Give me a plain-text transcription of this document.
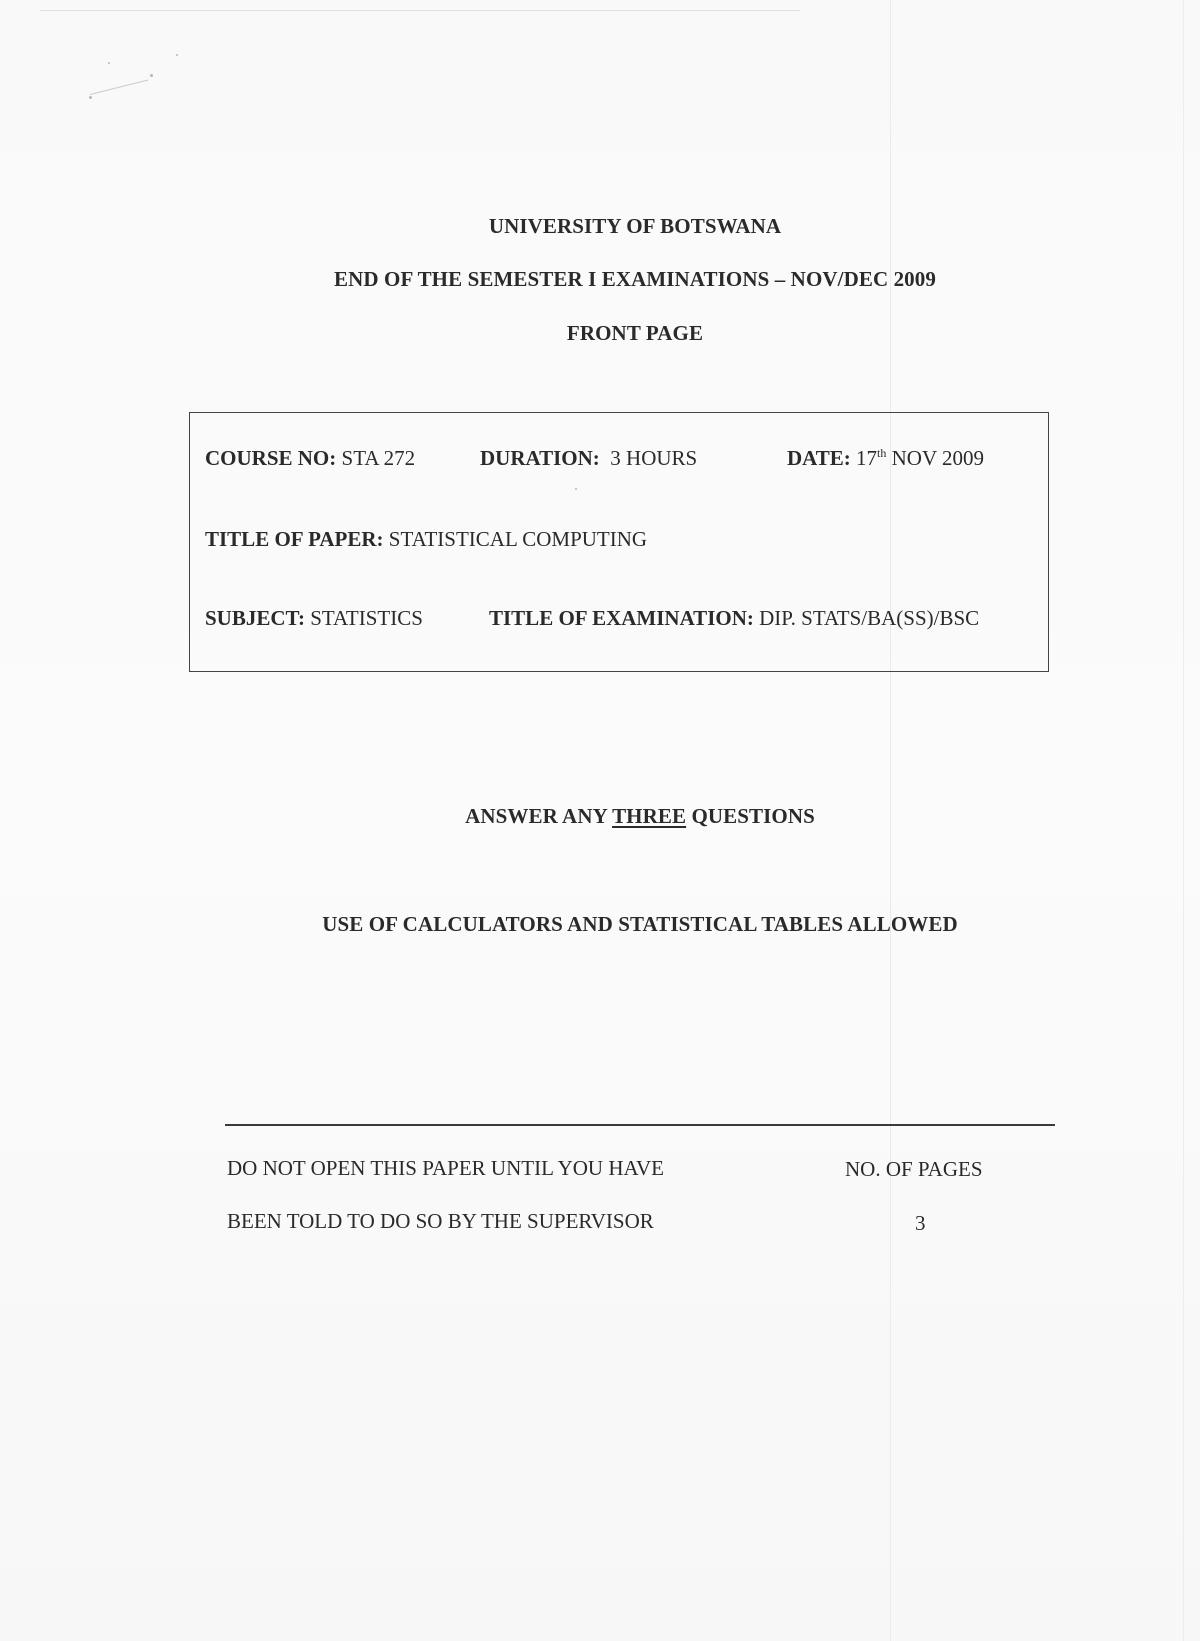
UNIVERSITY OF BOTSWANA
END OF THE SEMESTER I EXAMINATIONS – NOV/DEC 2009
FRONT PAGE
COURSE NO: STA 272	DURATION: 3 HOURS	DATE: 17th NOV 2009
TITLE OF PAPER: STATISTICAL COMPUTING
SUBJECT: STATISTICS	TITLE OF EXAMINATION: DIP. STATS/BA(SS)/BSC
ANSWER ANY THREE QUESTIONS
USE OF CALCULATORS AND STATISTICAL TABLES ALLOWED
DO NOT OPEN THIS PAPER UNTIL YOU HAVE
BEEN TOLD TO DO SO BY THE SUPERVISOR
NO. OF PAGES
3
